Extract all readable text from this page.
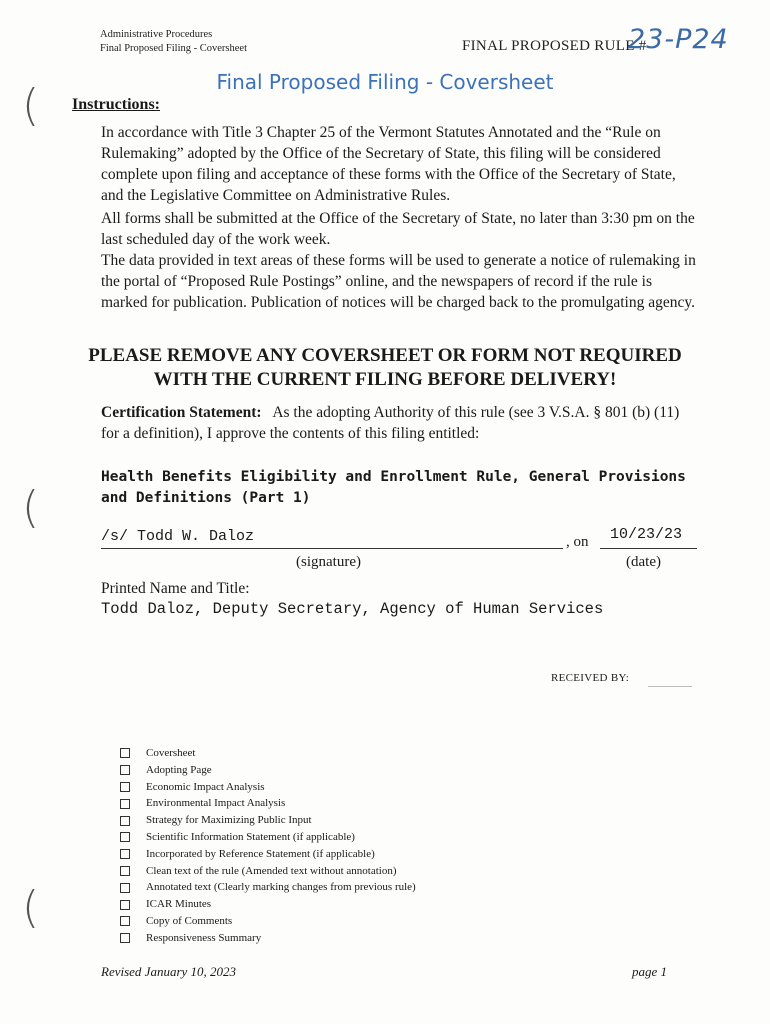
Administrative Procedures
Final Proposed Filing - Coversheet	FINAL PROPOSED RULE #
23-P24
Final Proposed Filing - Coversheet
(
(
(
Instructions:
In accordance with Title 3 Chapter 25 of the Vermont Statutes Annotated and the “Rule on Rulemaking” adopted by the Office of the Secretary of State, this filing will be considered complete upon filing and acceptance of these forms with the Office of the Secretary of State, and the Legislative Committee on Administrative Rules.
All forms shall be submitted at the Office of the Secretary of State, no later than 3:30 pm on the last scheduled day of the work week.
The data provided in text areas of these forms will be used to generate a notice of rulemaking in the portal of “Proposed Rule Postings” online, and the newspapers of record if the rule is marked for publication. Publication of notices will be charged back to the promulgating agency.
PLEASE REMOVE ANY COVERSHEET OR FORM NOT REQUIRED WITH THE CURRENT FILING BEFORE DELIVERY!
Certification Statement: As the adopting Authority of this rule (see 3 V.S.A. § 801 (b) (11) for a definition), I approve the contents of this filing entitled:
Health Benefits Eligibility and Enrollment Rule, General Provisions and Definitions (Part 1)
/s/ Todd W. Daloz	, on 10/23/23
(signature)	(date)
Printed Name and Title:
Todd Daloz, Deputy Secretary, Agency of Human Services
RECEIVED BY:
Coversheet
Adopting Page
Economic Impact Analysis
Environmental Impact Analysis
Strategy for Maximizing Public Input
Scientific Information Statement (if applicable)
Incorporated by Reference Statement (if applicable)
Clean text of the rule (Amended text without annotation)
Annotated text (Clearly marking changes from previous rule)
ICAR Minutes
Copy of Comments
Responsiveness Summary
Revised January 10, 2023	page 1
